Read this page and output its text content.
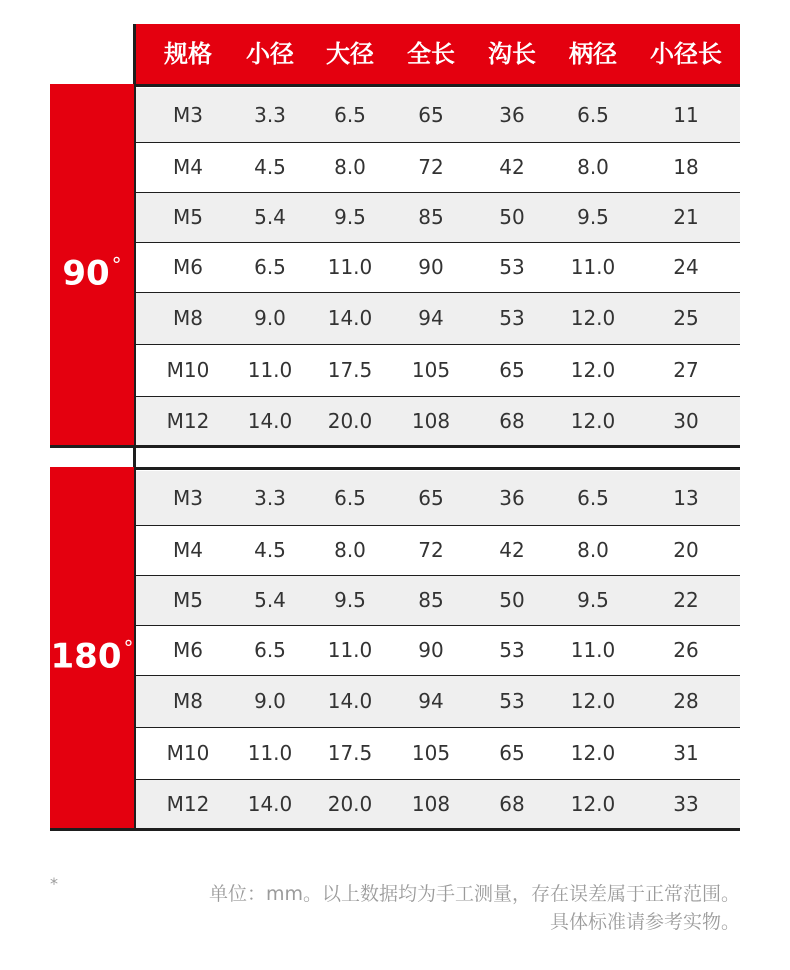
规格	小径	大径	全长	沟长	柄径	小径长
90 °
M3	3.3	6.5	65	36	6.5	11
M4	4.5	8.0	72	42	8.0	18
M5	5.4	9.5	85	50	9.5	21
M6	6.5	11.0	90	53	11.0	24
M8	9.0	14.0	94	53	12.0	25
M10	11.0	17.5	105	65	12.0	27
M12	14.0	20.0	108	68	12.0	30
180 °
M3	3.3	6.5	65	36	6.5	13
M4	4.5	8.0	72	42	8.0	20
M5	5.4	9.5	85	50	9.5	22
M6	6.5	11.0	90	53	11.0	26
M8	9.0	14.0	94	53	12.0	28
M10	11.0	17.5	105	65	12.0	31
M12	14.0	20.0	108	68	12.0	33
*	单位：mm。以上数据均为手工测量，存在误差属于正常范围。
具体标准请参考实物。
